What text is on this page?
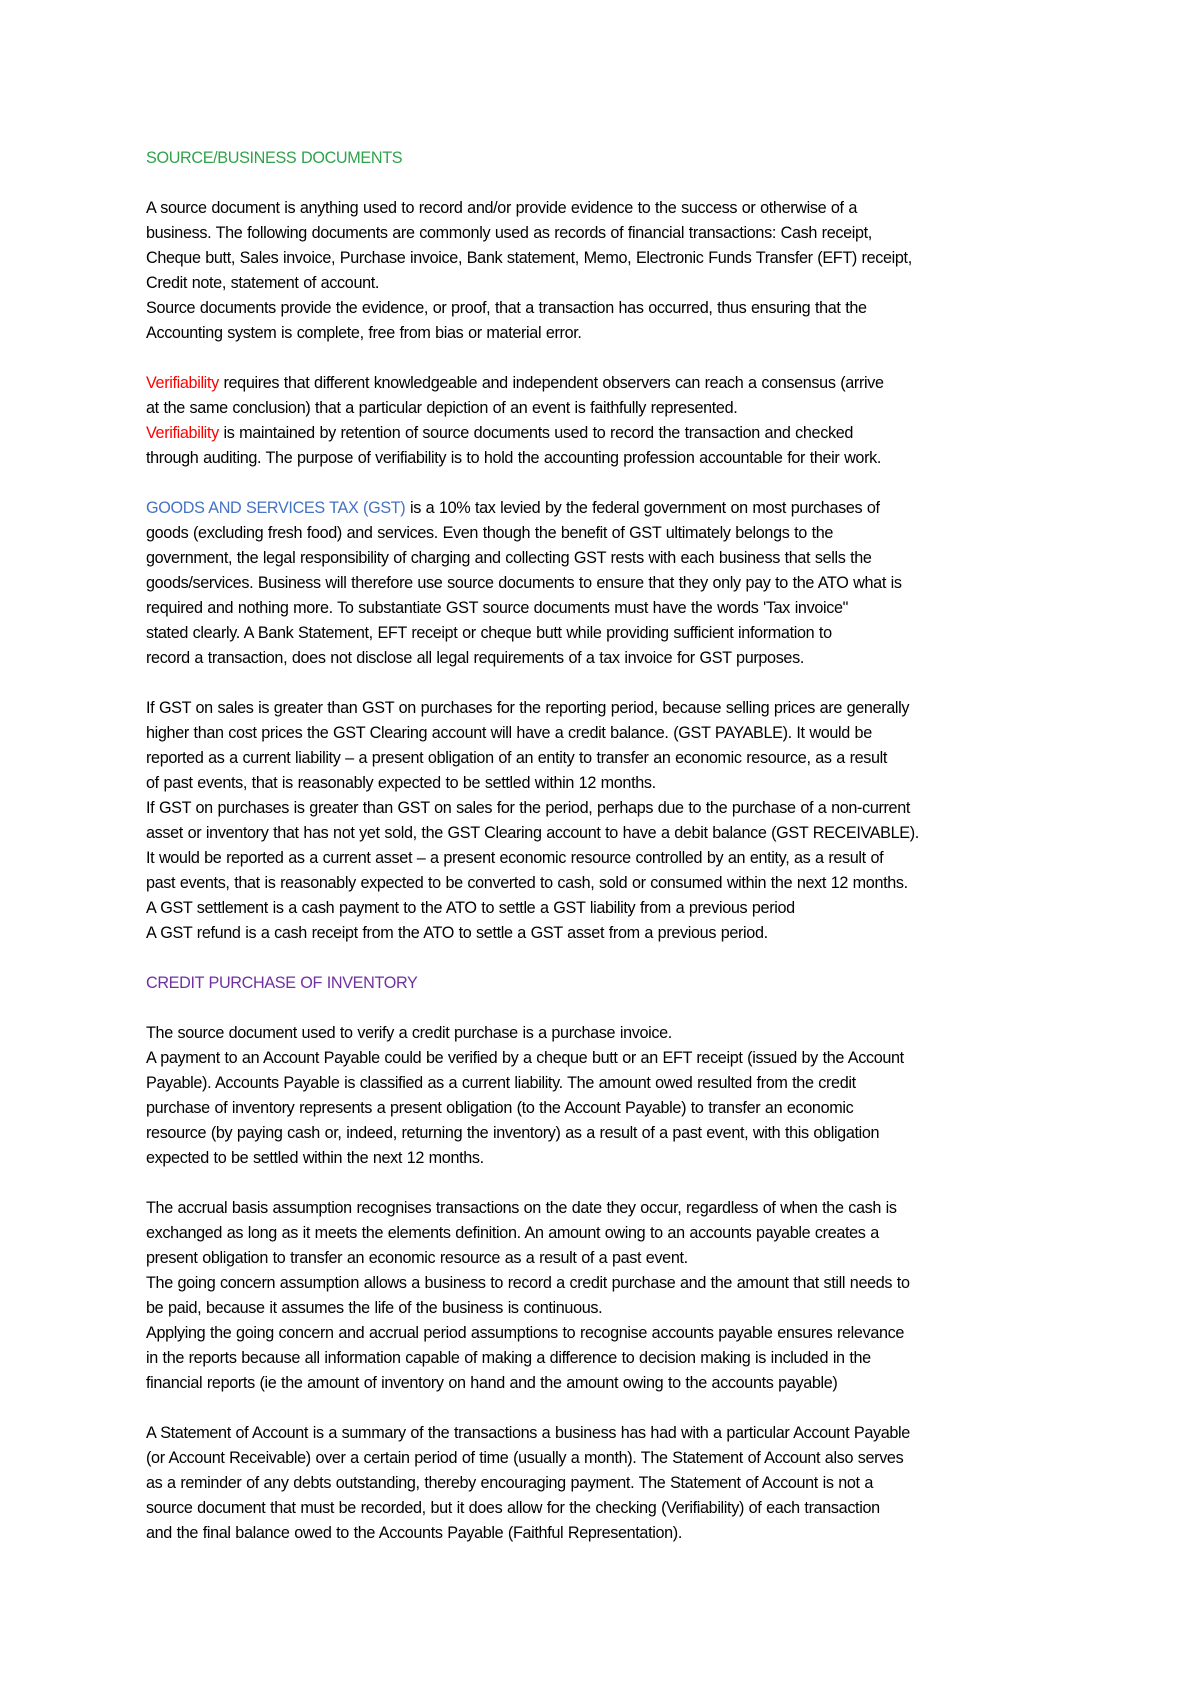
SOURCE/BUSINESS DOCUMENTS
A source document is anything used to record and/or provide evidence to the success or otherwise of a
business. The following documents are commonly used as records of financial transactions: Cash receipt,
Cheque butt, Sales invoice, Purchase invoice, Bank statement, Memo, Electronic Funds Transfer (EFT) receipt,
Credit note, statement of account.
Source documents provide the evidence, or proof, that a transaction has occurred, thus ensuring that the
Accounting system is complete, free from bias or material error.
Verifiability requires that different knowledgeable and independent observers can reach a consensus (arrive
at the same conclusion) that a particular depiction of an event is faithfully represented.
Verifiability is maintained by retention of source documents used to record the transaction and checked
through auditing. The purpose of verifiability is to hold the accounting profession accountable for their work.
GOODS AND SERVICES TAX (GST) is a 10% tax levied by the federal government on most purchases of
goods (excluding fresh food) and services. Even though the benefit of GST ultimately belongs to the
government, the legal responsibility of charging and collecting GST rests with each business that sells the
goods/services. Business will therefore use source documents to ensure that they only pay to the ATO what is
required and nothing more. To substantiate GST source documents must have the words 'Tax invoice"
stated clearly. A Bank Statement, EFT receipt or cheque butt while providing sufficient information to
record a transaction, does not disclose all legal requirements of a tax invoice for GST purposes.
If GST on sales is greater than GST on purchases for the reporting period, because selling prices are generally
higher than cost prices the GST Clearing account will have a credit balance. (GST PAYABLE). It would be
reported as a current liability – a present obligation of an entity to transfer an economic resource, as a result
of past events, that is reasonably expected to be settled within 12 months.
If GST on purchases is greater than GST on sales for the period, perhaps due to the purchase of a non-current
asset or inventory that has not yet sold, the GST Clearing account to have a debit balance (GST RECEIVABLE).
It would be reported as a current asset – a present economic resource controlled by an entity, as a result of
past events, that is reasonably expected to be converted to cash, sold or consumed within the next 12 months.
A GST settlement is a cash payment to the ATO to settle a GST liability from a previous period
A GST refund is a cash receipt from the ATO to settle a GST asset from a previous period.
CREDIT PURCHASE OF INVENTORY
The source document used to verify a credit purchase is a purchase invoice.
A payment to an Account Payable could be verified by a cheque butt or an EFT receipt (issued by the Account
Payable). Accounts Payable is classified as a current liability. The amount owed resulted from the credit
purchase of inventory represents a present obligation (to the Account Payable) to transfer an economic
resource (by paying cash or, indeed, returning the inventory) as a result of a past event, with this obligation
expected to be settled within the next 12 months.
The accrual basis assumption recognises transactions on the date they occur, regardless of when the cash is
exchanged as long as it meets the elements definition. An amount owing to an accounts payable creates a
present obligation to transfer an economic resource as a result of a past event.
The going concern assumption allows a business to record a credit purchase and the amount that still needs to
be paid, because it assumes the life of the business is continuous.
Applying the going concern and accrual period assumptions to recognise accounts payable ensures relevance
in the reports because all information capable of making a difference to decision making is included in the
financial reports (ie the amount of inventory on hand and the amount owing to the accounts payable)
A Statement of Account is a summary of the transactions a business has had with a particular Account Payable
(or Account Receivable) over a certain period of time (usually a month). The Statement of Account also serves
as a reminder of any debts outstanding, thereby encouraging payment. The Statement of Account is not a
source document that must be recorded, but it does allow for the checking (Verifiability) of each transaction
and the final balance owed to the Accounts Payable (Faithful Representation).
